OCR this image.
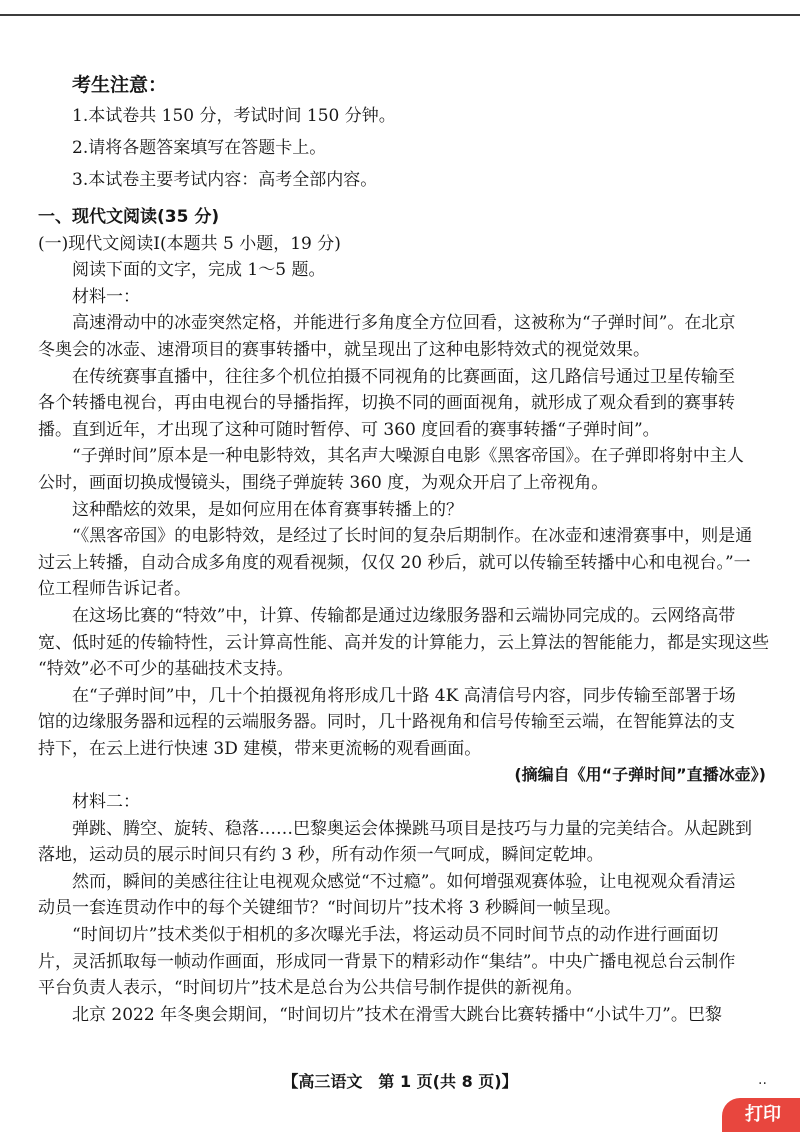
考生注意：
1.本试卷共 150 分，考试时间 150 分钟。
2.请将各题答案填写在答题卡上。
3.本试卷主要考试内容：高考全部内容。
一、现代文阅读(35 分)
(一)现代文阅读Ⅰ(本题共 5 小题，19 分)
阅读下面的文字，完成 1～5 题。
材料一：
高速滑动中的冰壶突然定格，并能进行多角度全方位回看，这被称为“子弹时间”。在北京
冬奥会的冰壶、速滑项目的赛事转播中，就呈现出了这种电影特效式的视觉效果。
在传统赛事直播中，往往多个机位拍摄不同视角的比赛画面，这几路信号通过卫星传输至
各个转播电视台，再由电视台的导播指挥，切换不同的画面视角，就形成了观众看到的赛事转
播。直到近年，才出现了这种可随时暂停、可 360 度回看的赛事转播“子弹时间”。
“子弹时间”原本是一种电影特效，其名声大噪源自电影《黑客帝国》。在子弹即将射中主人
公时，画面切换成慢镜头，围绕子弹旋转 360 度，为观众开启了上帝视角。
这种酷炫的效果，是如何应用在体育赛事转播上的？
“《黑客帝国》的电影特效，是经过了长时间的复杂后期制作。在冰壶和速滑赛事中，则是通
过云上转播，自动合成多角度的观看视频，仅仅 20 秒后，就可以传输至转播中心和电视台。”一
位工程师告诉记者。
在这场比赛的“特效”中，计算、传输都是通过边缘服务器和云端协同完成的。云网络高带
宽、低时延的传输特性，云计算高性能、高并发的计算能力，云上算法的智能能力，都是实现这些
“特效”必不可少的基础技术支持。
在“子弹时间”中，几十个拍摄视角将形成几十路 4K 高清信号内容，同步传输至部署于场
馆的边缘服务器和远程的云端服务器。同时，几十路视角和信号传输至云端，在智能算法的支
持下，在云上进行快速 3D 建模，带来更流畅的观看画面。
(摘编自《用“子弹时间”直播冰壶》)
材料二：
弹跳、腾空、旋转、稳落……巴黎奥运会体操跳马项目是技巧与力量的完美结合。从起跳到
落地，运动员的展示时间只有约 3 秒，所有动作须一气呵成，瞬间定乾坤。
然而，瞬间的美感往往让电视观众感觉“不过瘾”。如何增强观赛体验，让电视观众看清运
动员一套连贯动作中的每个关键细节？“时间切片”技术将 3 秒瞬间一帧呈现。
“时间切片”技术类似于相机的多次曝光手法，将运动员不同时间节点的动作进行画面切
片，灵活抓取每一帧动作画面，形成同一背景下的精彩动作“集结”。中央广播电视总台云制作
平台负责人表示，“时间切片”技术是总台为公共信号制作提供的新视角。
北京 2022 年冬奥会期间，“时间切片”技术在滑雪大跳台比赛转播中“小试牛刀”。巴黎
【高三语文　第 1 页(共 8 页)】	..
打印
